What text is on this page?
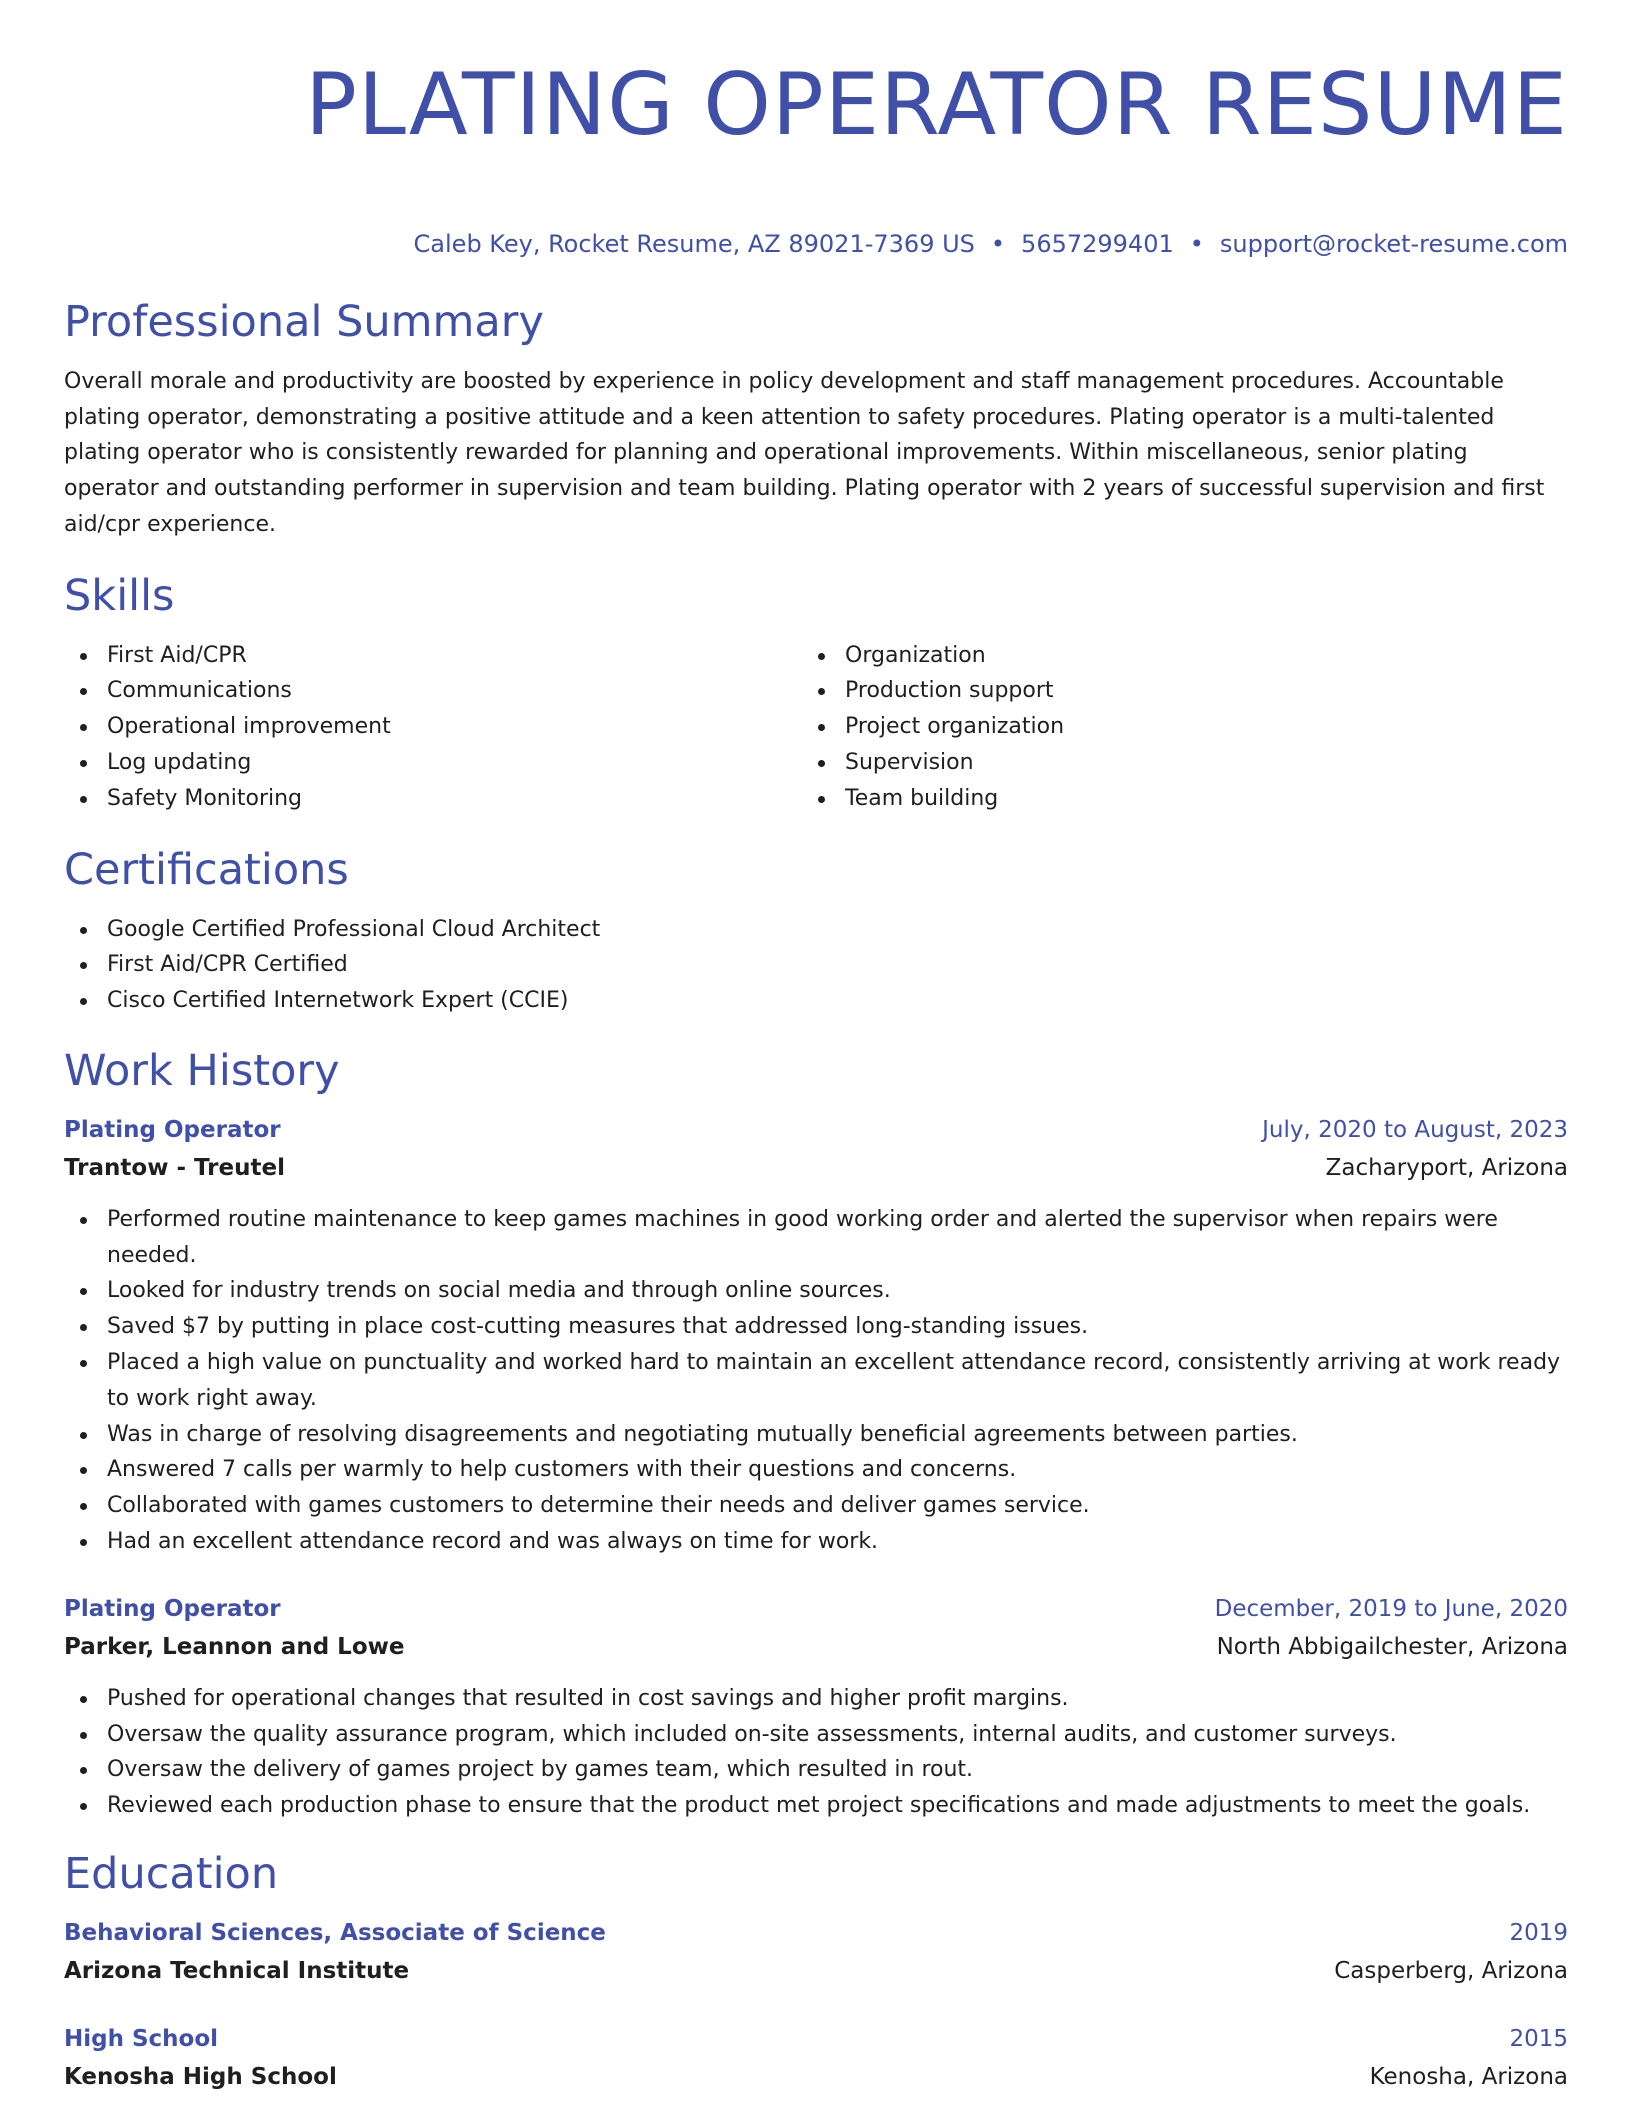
PLATING OPERATOR RESUME
Caleb Key, Rocket Resume, AZ 89021-7369 US • 5657299401 • support@rocket-resume.com
Professional Summary

Overall morale and productivity are boosted by experience in policy development and staff management procedures. Accountable plating operator, demonstrating a positive attitude and a keen attention to safety procedures. Plating operator is a multi-talented plating operator who is consistently rewarded for planning and operational improvements. Within miscellaneous, senior plating operator and outstanding performer in supervision and team building. Plating operator with 2 years of successful supervision and first aid/cpr experience.

Skills
First Aid/CPR
Communications
Operational improvement
Log updating
Safety Monitoring
Organization
Production support
Project organization
Supervision
Team building
Certifications
Google Certified Professional Cloud Architect
First Aid/CPR Certified
Cisco Certified Internetwork Expert (CCIE)
Work History
Plating Operator	July, 2020 to August, 2023
Trantow - Treutel	Zacharyport, Arizona
Performed routine maintenance to keep games machines in good working order and alerted the supervisor when repairs were needed.
Looked for industry trends on social media and through online sources.
Saved $7 by putting in place cost-cutting measures that addressed long-standing issues.
Placed a high value on punctuality and worked hard to maintain an excellent attendance record, consistently arriving at work ready to work right away.
Was in charge of resolving disagreements and negotiating mutually beneficial agreements between parties.
Answered 7 calls per warmly to help customers with their questions and concerns.
Collaborated with games customers to determine their needs and deliver games service.
Had an excellent attendance record and was always on time for work.
Plating Operator	December, 2019 to June, 2020
Parker, Leannon and Lowe	North Abbigailchester, Arizona
Pushed for operational changes that resulted in cost savings and higher profit margins.
Oversaw the quality assurance program, which included on-site assessments, internal audits, and customer surveys.
Oversaw the delivery of games project by games team, which resulted in rout.
Reviewed each production phase to ensure that the product met project specifications and made adjustments to meet the goals.
Education
Behavioral Sciences, Associate of Science	2019
Arizona Technical Institute	Casperberg, Arizona
High School	2015
Kenosha High School	Kenosha, Arizona
